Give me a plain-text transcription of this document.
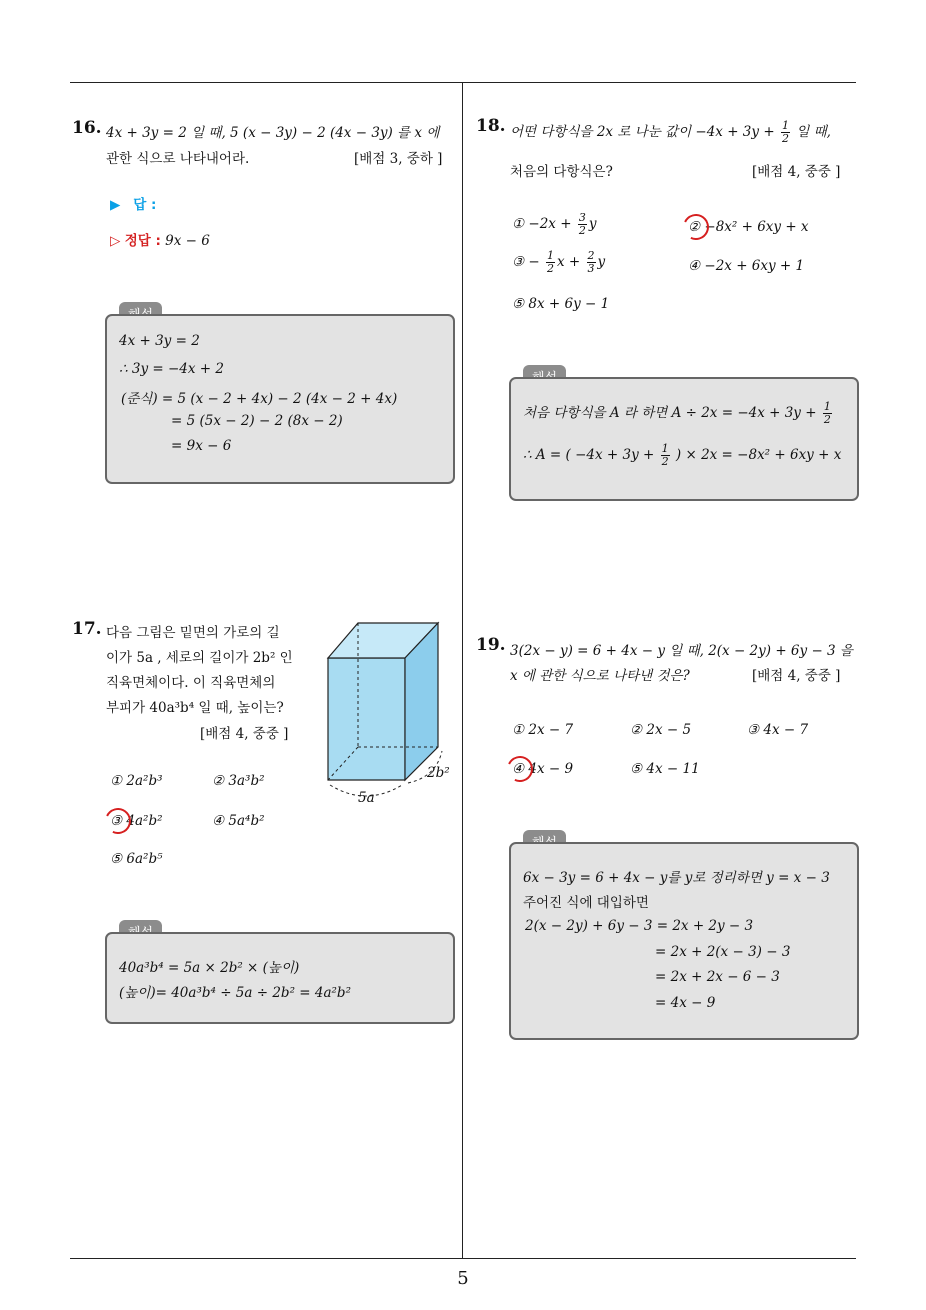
16. 4x + 3y = 2 일 때, 5 (x − 3y) − 2 (4x − 3y) 를 x 에
관한 식으로 나타내어라.	[배점 3, 중하 ]
▶ 답 :
▷ 정답 : 9x − 6
4x + 3y = 2
∴ 3y = −4x + 2
(준식) = 5 (x − 2 + 4x) − 2 (4x − 2 + 4x)
= 5 (5x − 2) − 2 (8x − 2)
= 9x − 6
17. 다음 그림은 밑면의 가로의 길
이가 5a , 세로의 길이가 2b² 인
직육면체이다. 이 직육면체의
부피가 40a³b⁴ 일 때, 높이는?
[배점 4, 중중 ]
5a
2b²
① 2a²b³	② 3a³b²
③ 4a²b²	④ 5a⁴b²
⑤ 6a²b⁵
40a³b⁴ = 5a × 2b² × (높이)
(높이)= 40a³b⁴ ÷ 5a ÷ 2b² = 4a²b²
18. 어떤 다항식을 2x 로 나눈 값이 $-4x + 3y + \frac{1}{2}$ 일 때,
처음의 다항식은?	[배점 4, 중중 ]
① $-2x + \frac{3}{2}$ y	② −8x² + 6xy + x
③ − $\frac{1}{2}$ $x + \frac{2}{3}$ y	④ −2x + 6xy + 1
⑤ 8x + 6y − 1
처음 다항식을 A 라 하면 $A \div 2x = -4x + 3y + \frac{1}{2}$
∴ A = ( $-4x + 3y + \frac{1}{2}$ ) × 2x = −8x² + 6xy + x
19. 3(2x − y) = 6 + 4x − y 일 때, 2(x − 2y) + 6y − 3 을
x 에 관한 식으로 나타낸 것은?	[배점 4, 중중 ]
① 2x − 7	② 2x − 5	③ 4x − 7
④ 4x − 9	⑤ 4x − 11
6x − 3y = 6 + 4x − y를 y로 정리하면 y = x − 3
주어진 식에 대입하면
2(x − 2y) + 6y − 3 = 2x + 2y − 3
= 2x + 2(x − 3) − 3
= 2x + 2x − 6 − 3
= 4x − 9
5
